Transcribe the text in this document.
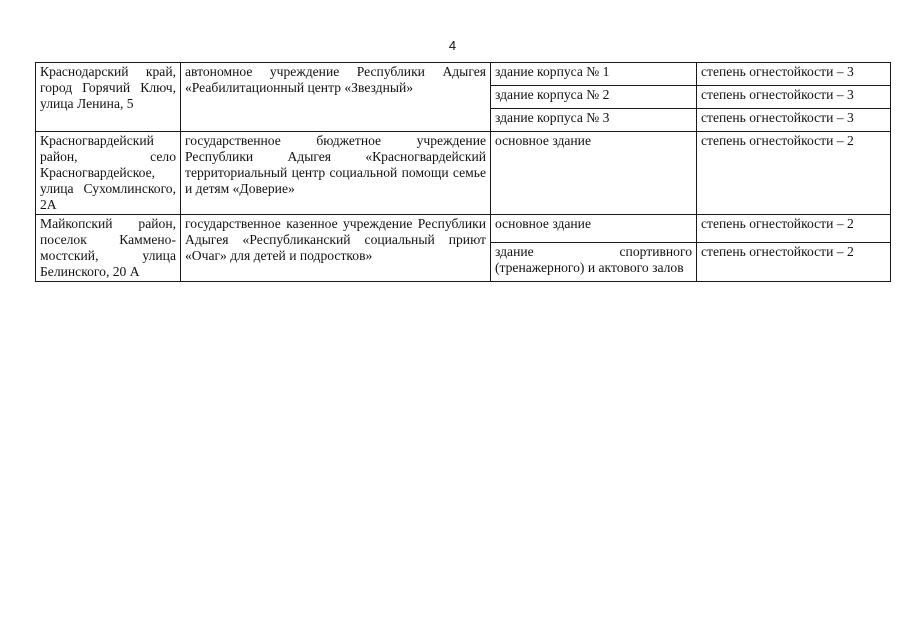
4
Краснодарский край, город Горячий Ключ, улица Ленина, 5	автономное учреждение Республики Адыгея «Реабилитационный центр «Звездный»	здание корпуса № 1	степень огнестойкости – 3
		здание корпуса № 2	степень огнестойкости – 3
		здание корпуса № 3	степень огнестойкости – 3
Красногвардейский район, село Красногвардейское, улица Сухомлинского, 2А	государственное бюджетное учреждение Республики Адыгея «Красногвардейский территориальный центр социальной помощи семье и детям «Доверие»	основное здание	степень огнестойкости – 2
Майкопский район, поселок Каммено-мостский, улица Белинского, 20 А	государственное казенное учреждение Республики Адыгея «Республиканский социальный приют «Очаг» для детей и подростков»	основное здание	степень огнестойкости – 2
		здание спортивного (тренажерного) и актового залов	степень огнестойкости – 2
